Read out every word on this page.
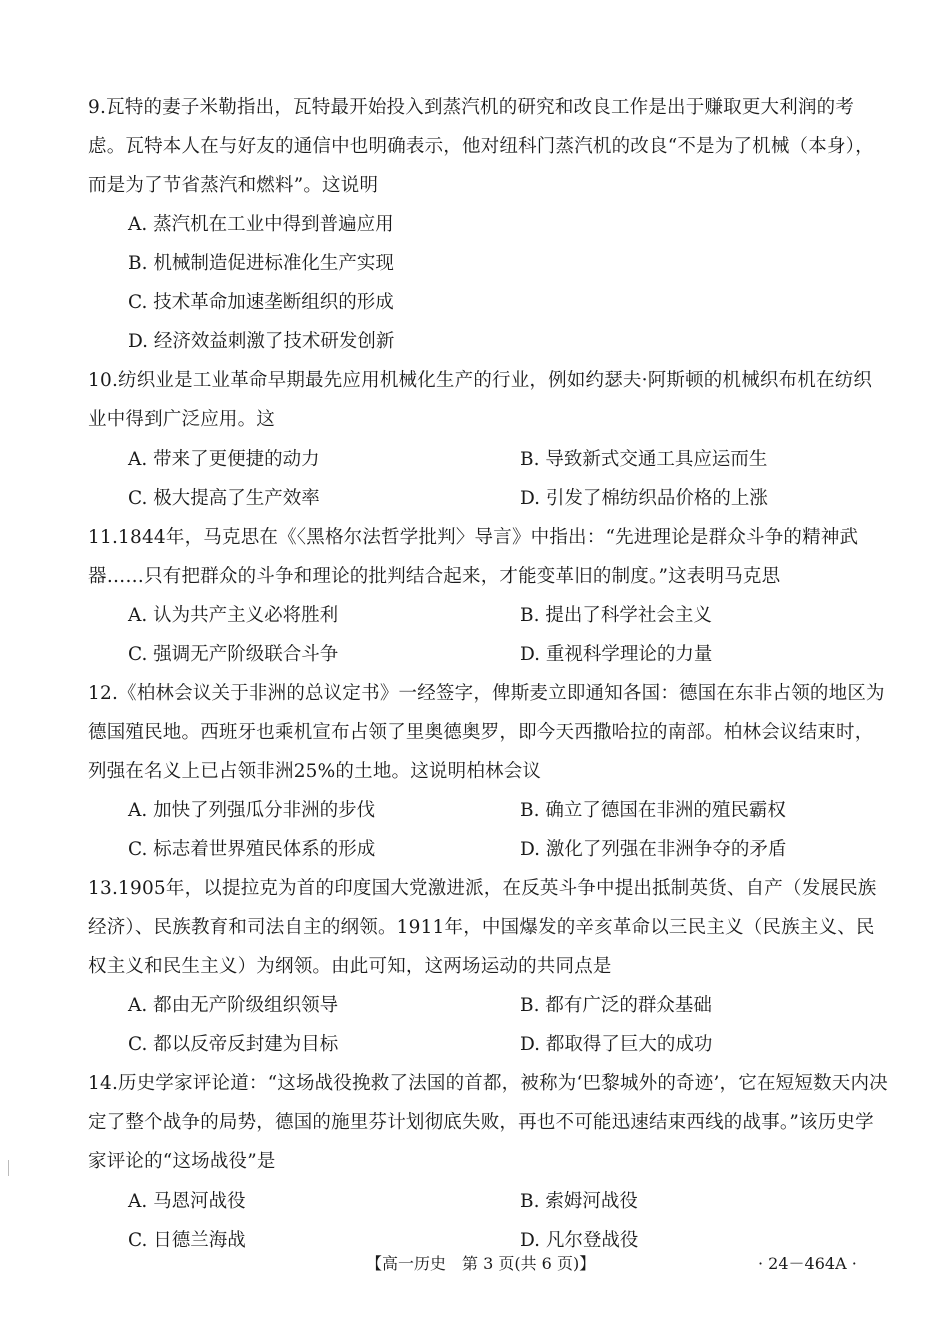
9.瓦特的妻子米勒指出，瓦特最开始投入到蒸汽机的研究和改良工作是出于赚取更大利润的考虑。瓦特本人在与好友的通信中也明确表示，他对纽科门蒸汽机的改良“不是为了机械（本身），而是为了节省蒸汽和燃料”。这说明
A. 蒸汽机在工业中得到普遍应用
B. 机械制造促进标准化生产实现
C. 技术革命加速垄断组织的形成
D. 经济效益刺激了技术研发创新
10.纺织业是工业革命早期最先应用机械化生产的行业，例如约瑟夫·阿斯顿的机械织布机在纺织业中得到广泛应用。这
A. 带来了更便捷的动力	B. 导致新式交通工具应运而生
C. 极大提高了生产效率	D. 引发了棉纺织品价格的上涨
11.1844年，马克思在《〈黑格尔法哲学批判〉导言》中指出：“先进理论是群众斗争的精神武器……只有把群众的斗争和理论的批判结合起来，才能变革旧的制度。”这表明马克思
A. 认为共产主义必将胜利	B. 提出了科学社会主义
C. 强调无产阶级联合斗争	D. 重视科学理论的力量
12.《柏林会议关于非洲的总议定书》一经签字，俾斯麦立即通知各国：德国在东非占领的地区为德国殖民地。西班牙也乘机宣布占领了里奥德奥罗，即今天西撒哈拉的南部。柏林会议结束时，列强在名义上已占领非洲25%的土地。这说明柏林会议
A. 加快了列强瓜分非洲的步伐	B. 确立了德国在非洲的殖民霸权
C. 标志着世界殖民体系的形成	D. 激化了列强在非洲争夺的矛盾
13.1905年，以提拉克为首的印度国大党激进派，在反英斗争中提出抵制英货、自产（发展民族经济）、民族教育和司法自主的纲领。1911年，中国爆发的辛亥革命以三民主义（民族主义、民权主义和民生主义）为纲领。由此可知，这两场运动的共同点是
A. 都由无产阶级组织领导	B. 都有广泛的群众基础
C. 都以反帝反封建为目标	D. 都取得了巨大的成功
14.历史学家评论道：“这场战役挽救了法国的首都，被称为‘巴黎城外的奇迹’，它在短短数天内决定了整个战争的局势，德国的施里芬计划彻底失败，再也不可能迅速结束西线的战事。”该历史学家评论的“这场战役”是
A. 马恩河战役	B. 索姆河战役
C. 日德兰海战	D. 凡尔登战役
【高一历史　第 3 页(共 6 页)】	· 24－464A ·
